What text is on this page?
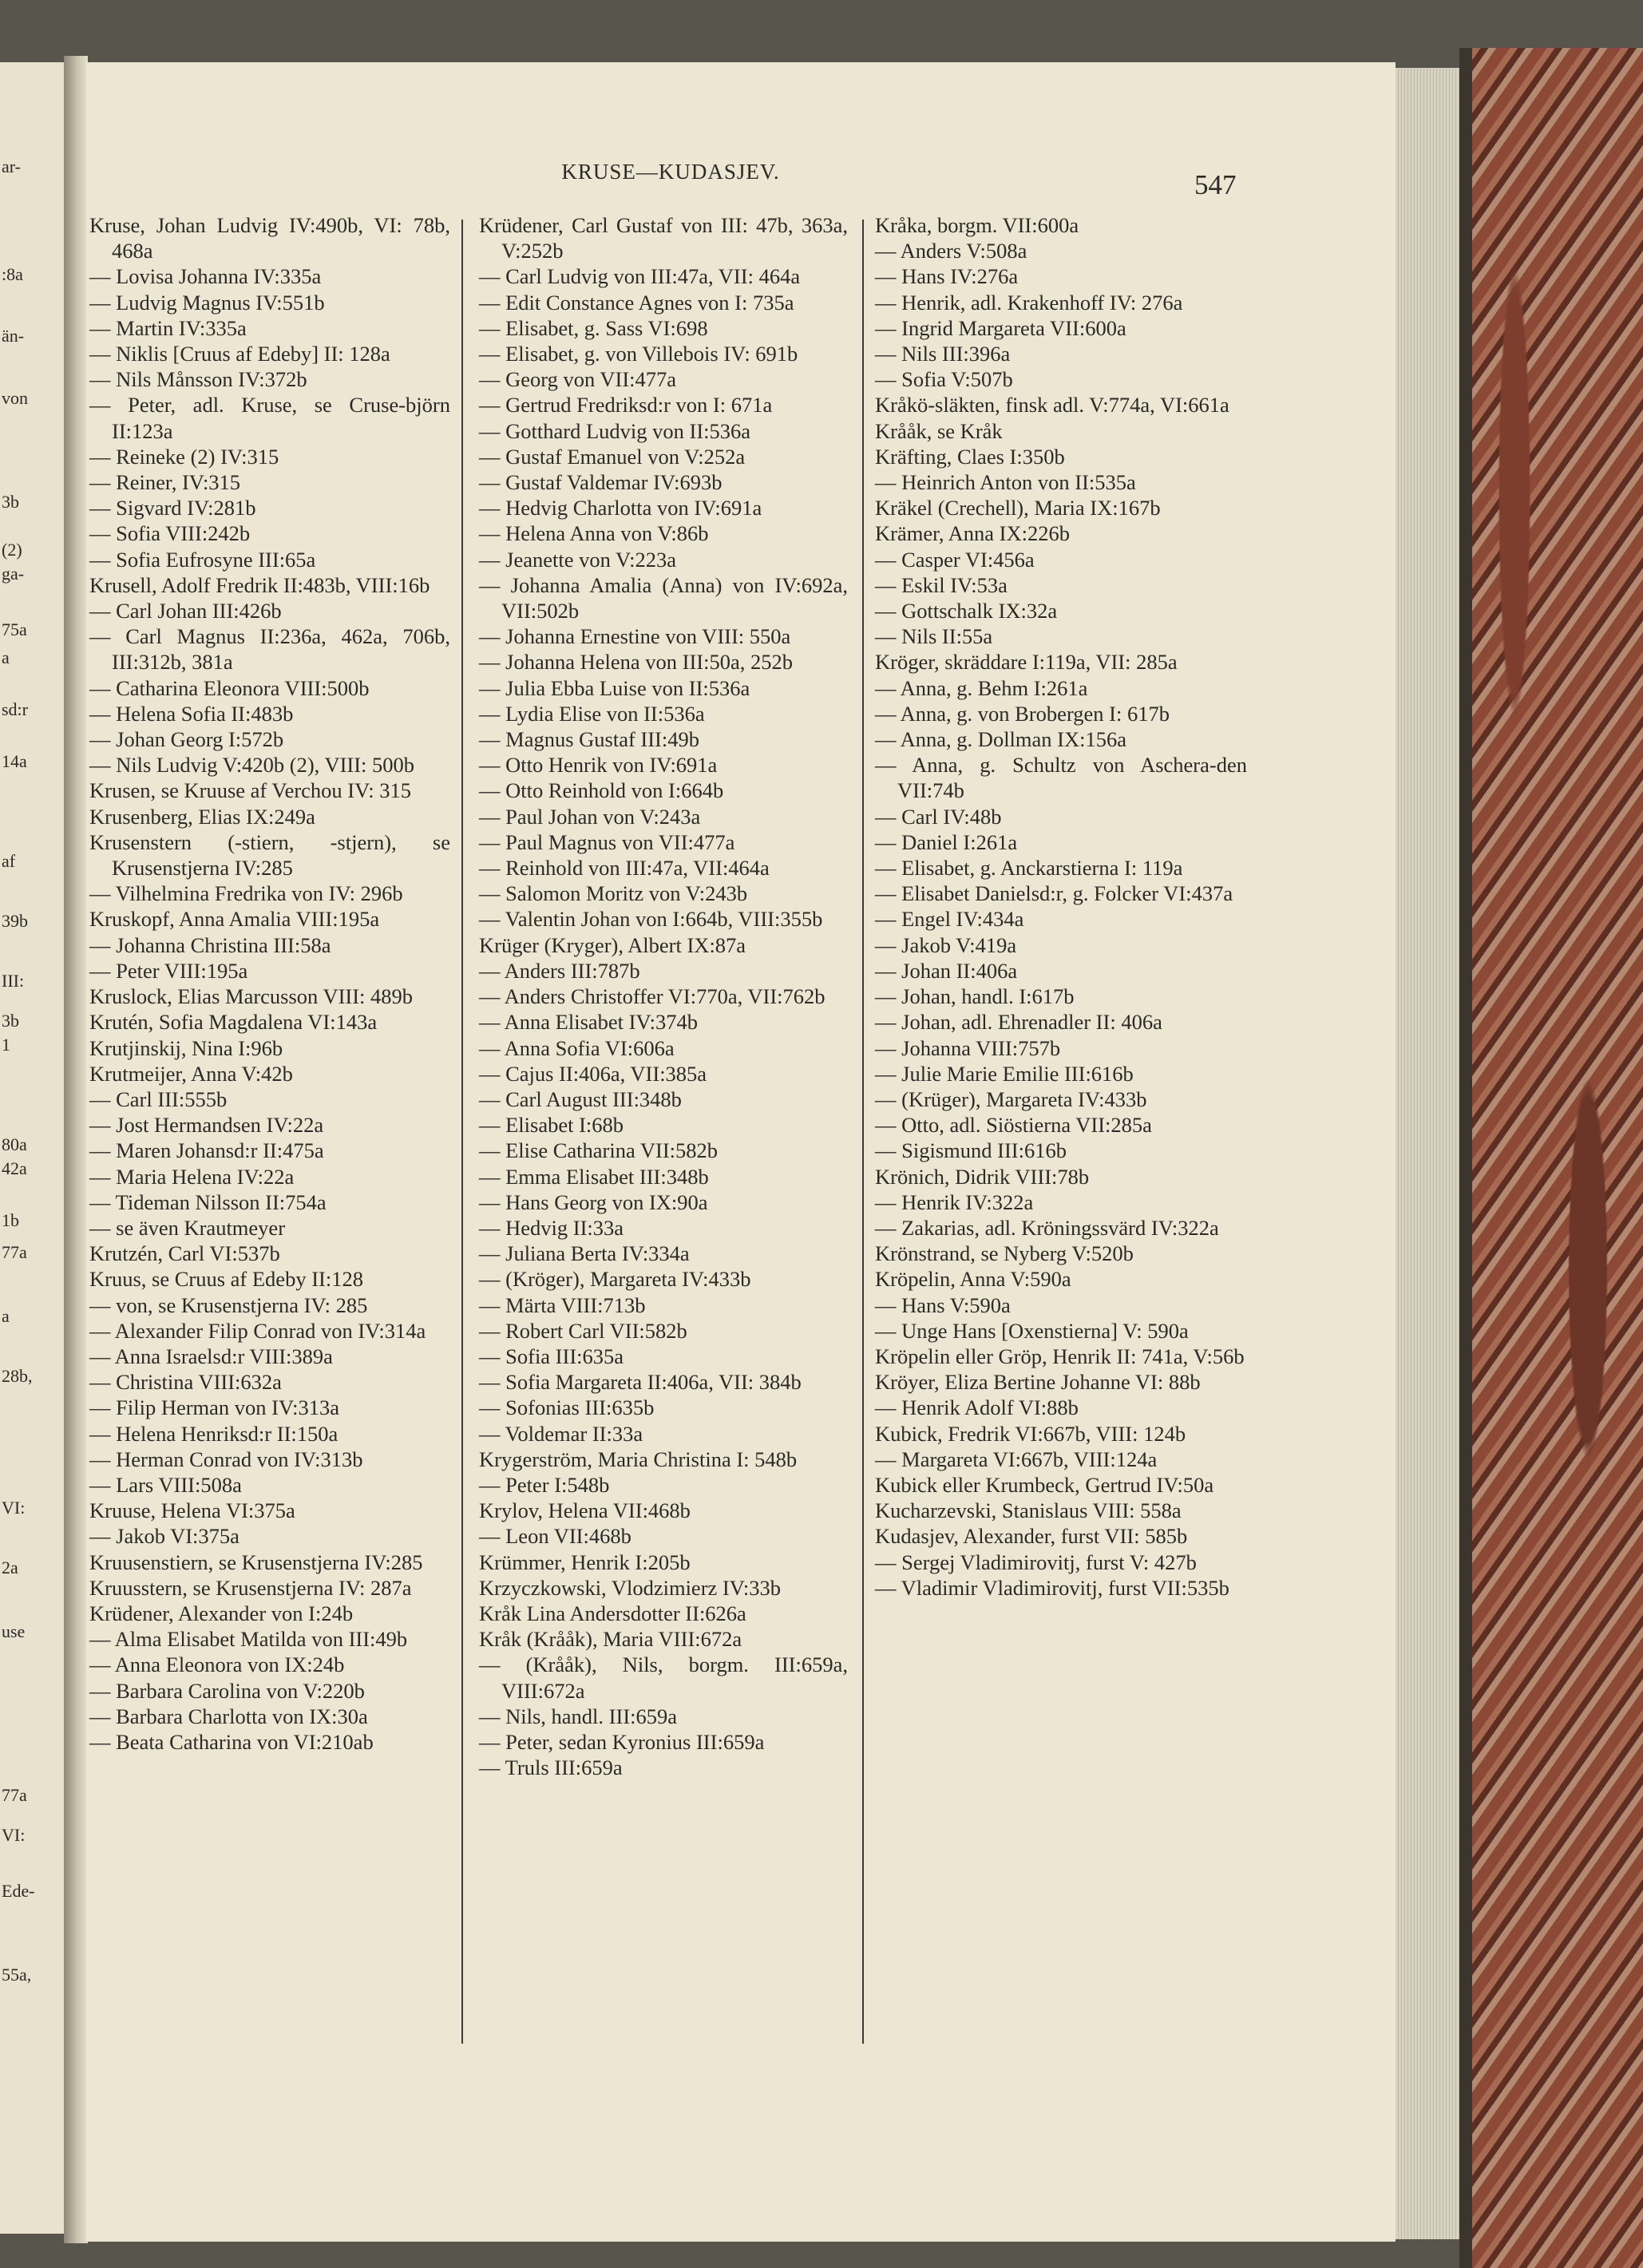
ar-
:8a
än-
von
3b
(2)
ga-
75a
a
sd:r
14a
af
39b
III:
3b
1
80a
42a
1b
77a
a
28b,
VI:
2a
use
77a
VI:
Ede-
55a,
KRUSE—KUDASJEV.	547
Kruse, Johan Ludvig IV:490b, VI: 78b, 468a
— Lovisa Johanna IV:335a
— Ludvig Magnus IV:551b
— Martin IV:335a
— Niklis [Cruus af Edeby] II: 128a
— Nils Månsson IV:372b
— Peter, adl. Kruse, se Cruse-björn II:123a
— Reineke (2) IV:315
— Reiner, IV:315
— Sigvard IV:281b
— Sofia VIII:242b
— Sofia Eufrosyne III:65a
Krusell, Adolf Fredrik II:483b, VIII:16b
— Carl Johan III:426b
— Carl Magnus II:236a, 462a, 706b, III:312b, 381a
— Catharina Eleonora VIII:500b
— Helena Sofia II:483b
— Johan Georg I:572b
— Nils Ludvig V:420b (2), VIII: 500b
Krusen, se Kruuse af Verchou IV: 315
Krusenberg, Elias IX:249a
Krusenstern (-stiern, -stjern), se Krusenstjerna IV:285
— Vilhelmina Fredrika von IV: 296b
Kruskopf, Anna Amalia VIII:195a
— Johanna Christina III:58a
— Peter VIII:195a
Kruslock, Elias Marcusson VIII: 489b
Krutén, Sofia Magdalena VI:143a
Krutjinskij, Nina I:96b
Krutmeijer, Anna V:42b
— Carl III:555b
— Jost Hermandsen IV:22a
— Maren Johansd:r II:475a
— Maria Helena IV:22a
— Tideman Nilsson II:754a
— se även Krautmeyer
Krutzén, Carl VI:537b
Kruus, se Cruus af Edeby II:128
— von, se Krusenstjerna IV: 285
— Alexander Filip Conrad von IV:314a
— Anna Israelsd:r VIII:389a
— Christina VIII:632a
— Filip Herman von IV:313a
— Helena Henriksd:r II:150a
— Herman Conrad von IV:313b
— Lars VIII:508a
Kruuse, Helena VI:375a
— Jakob VI:375a
Kruusenstiern, se Krusenstjerna IV:285
Kruusstern, se Krusenstjerna IV: 287a
Krüdener, Alexander von I:24b
— Alma Elisabet Matilda von III:49b
— Anna Eleonora von IX:24b
— Barbara Carolina von V:220b
— Barbara Charlotta von IX:30a
— Beata Catharina von VI:210ab
Krüdener, Carl Gustaf von III: 47b, 363a, V:252b
— Carl Ludvig von III:47a, VII: 464a
— Edit Constance Agnes von I: 735a
— Elisabet, g. Sass VI:698
— Elisabet, g. von Villebois IV: 691b
— Georg von VII:477a
— Gertrud Fredriksd:r von I: 671a
— Gotthard Ludvig von II:536a
— Gustaf Emanuel von V:252a
— Gustaf Valdemar IV:693b
— Hedvig Charlotta von IV:691a
— Helena Anna von V:86b
— Jeanette von V:223a
— Johanna Amalia (Anna) von IV:692a, VII:502b
— Johanna Ernestine von VIII: 550a
— Johanna Helena von III:50a, 252b
— Julia Ebba Luise von II:536a
— Lydia Elise von II:536a
— Magnus Gustaf III:49b
— Otto Henrik von IV:691a
— Otto Reinhold von I:664b
— Paul Johan von V:243a
— Paul Magnus von VII:477a
— Reinhold von III:47a, VII:464a
— Salomon Moritz von V:243b
— Valentin Johan von I:664b, VIII:355b
Krüger (Kryger), Albert IX:87a
— Anders III:787b
— Anders Christoffer VI:770a, VII:762b
— Anna Elisabet IV:374b
— Anna Sofia VI:606a
— Cajus II:406a, VII:385a
— Carl August III:348b
— Elisabet I:68b
— Elise Catharina VII:582b
— Emma Elisabet III:348b
— Hans Georg von IX:90a
— Hedvig II:33a
— Juliana Berta IV:334a
— (Kröger), Margareta IV:433b
— Märta VIII:713b
— Robert Carl VII:582b
— Sofia III:635a
— Sofia Margareta II:406a, VII: 384b
— Sofonias III:635b
— Voldemar II:33a
Krygerström, Maria Christina I: 548b
— Peter I:548b
Krylov, Helena VII:468b
— Leon VII:468b
Krümmer, Henrik I:205b
Krzyczkowski, Vlodzimierz IV:33b
Kråk Lina Andersdotter II:626a
Kråk (Krååk), Maria VIII:672a
— (Krååk), Nils, borgm. III:659a, VIII:672a
— Nils, handl. III:659a
— Peter, sedan Kyronius III:659a
— Truls III:659a
Kråka, borgm. VII:600a
— Anders V:508a
— Hans IV:276a
— Henrik, adl. Krakenhoff IV: 276a
— Ingrid Margareta VII:600a
— Nils III:396a
— Sofia V:507b
Kråkö-släkten, finsk adl. V:774a, VI:661a
Krååk, se Kråk
Kräfting, Claes I:350b
— Heinrich Anton von II:535a
Kräkel (Crechell), Maria IX:167b
Krämer, Anna IX:226b
— Casper VI:456a
— Eskil IV:53a
— Gottschalk IX:32a
— Nils II:55a
Kröger, skräddare I:119a, VII: 285a
— Anna, g. Behm I:261a
— Anna, g. von Brobergen I: 617b
— Anna, g. Dollman IX:156a
— Anna, g. Schultz von Aschera-den VII:74b
— Carl IV:48b
— Daniel I:261a
— Elisabet, g. Anckarstierna I: 119a
— Elisabet Danielsd:r, g. Folcker VI:437a
— Engel IV:434a
— Jakob V:419a
— Johan II:406a
— Johan, handl. I:617b
— Johan, adl. Ehrenadler II: 406a
— Johanna VIII:757b
— Julie Marie Emilie III:616b
— (Krüger), Margareta IV:433b
— Otto, adl. Siöstierna VII:285a
— Sigismund III:616b
Krönich, Didrik VIII:78b
— Henrik IV:322a
— Zakarias, adl. Kröningssvärd IV:322a
Krönstrand, se Nyberg V:520b
Kröpelin, Anna V:590a
— Hans V:590a
— Unge Hans [Oxenstierna] V: 590a
Kröpelin eller Gröp, Henrik II: 741a, V:56b
Kröyer, Eliza Bertine Johanne VI: 88b
— Henrik Adolf VI:88b
Kubick, Fredrik VI:667b, VIII: 124b
— Margareta VI:667b, VIII:124a
Kubick eller Krumbeck, Gertrud IV:50a
Kucharzevski, Stanislaus VIII: 558a
Kudasjev, Alexander, furst VII: 585b
— Sergej Vladimirovitj, furst V: 427b
— Vladimir Vladimirovitj, furst VII:535b
